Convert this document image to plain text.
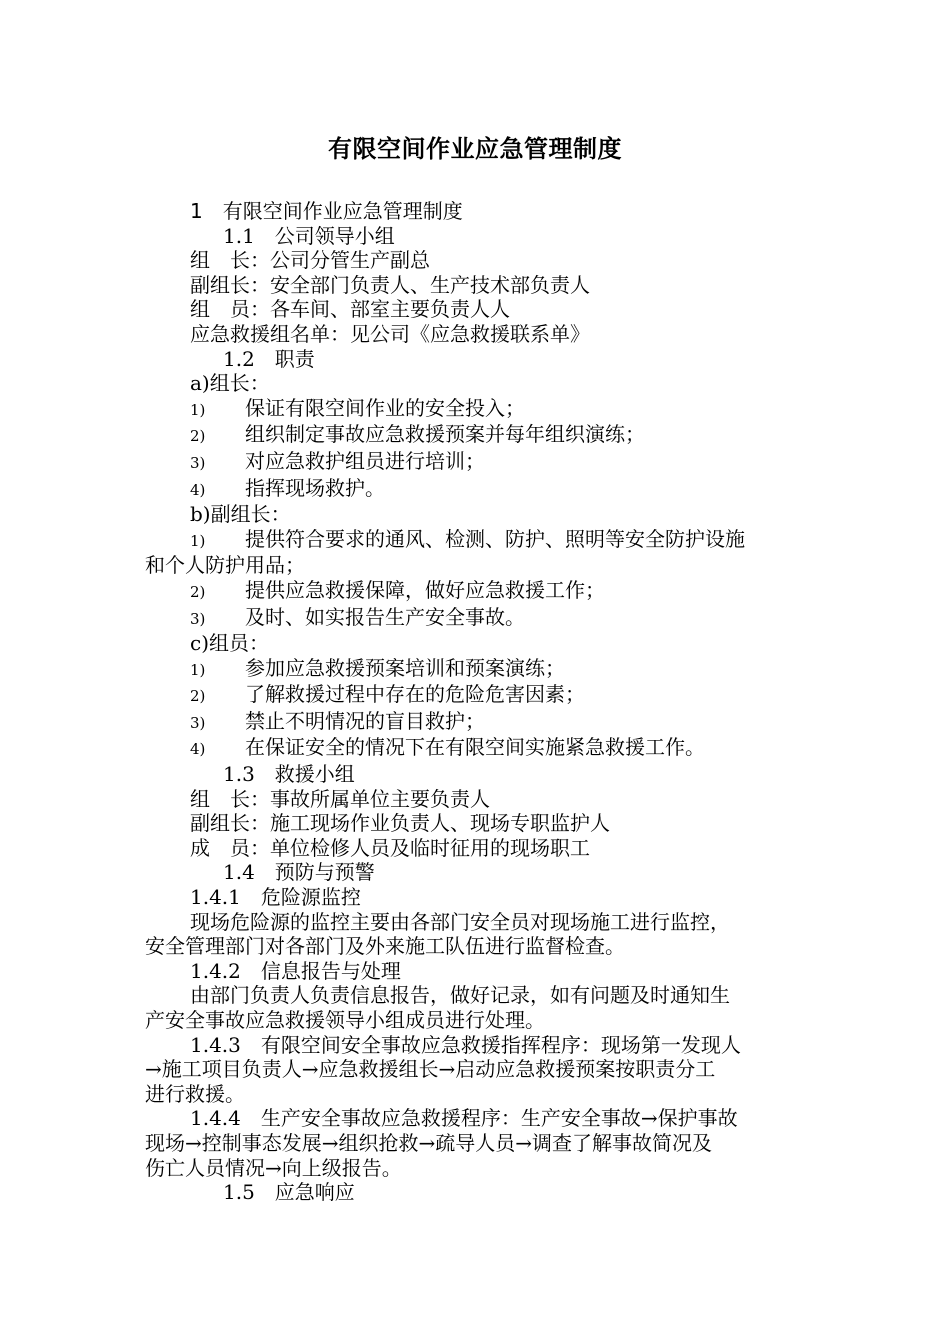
有限空间作业应急管理制度
1　有限空间作业应急管理制度
1.1　公司领导小组
组　长：公司分管生产副总
副组长：安全部门负责人、生产技术部负责人
组　员：各车间、部室主要负责人人
应急救援组名单：见公司《应急救援联系单》
1.2　职责
a)组长：
1) 保证有限空间作业的安全投入；
2) 组织制定事故应急救援预案并每年组织演练；
3) 对应急救护组员进行培训；
4) 指挥现场救护。
b)副组长：
1) 提供符合要求的通风、检测、防护、照明等安全防护设施
和个人防护用品；
2) 提供应急救援保障，做好应急救援工作；
3) 及时、如实报告生产安全事故。
c)组员：
1) 参加应急救援预案培训和预案演练；
2) 了解救援过程中存在的危险危害因素；
3) 禁止不明情况的盲目救护；
4) 在保证安全的情况下在有限空间实施紧急救援工作。
1.3　救援小组
组　长：事故所属单位主要负责人
副组长：施工现场作业负责人、现场专职监护人
成　员：单位检修人员及临时征用的现场职工
1.4　预防与预警
1.4.1　危险源监控
现场危险源的监控主要由各部门安全员对现场施工进行监控，
安全管理部门对各部门及外来施工队伍进行监督检查。
1.4.2　信息报告与处理
由部门负责人负责信息报告，做好记录，如有问题及时通知生
产安全事故应急救援领导小组成员进行处理。
1.4.3　有限空间安全事故应急救援指挥程序：现场第一发现人
→施工项目负责人→应急救援组长→启动应急救援预案按职责分工
进行救援。
1.4.4　生产安全事故应急救援程序：生产安全事故→保护事故
现场→控制事态发展→组织抢救→疏导人员→调查了解事故简况及
伤亡人员情况→向上级报告。
1.5　应急响应
